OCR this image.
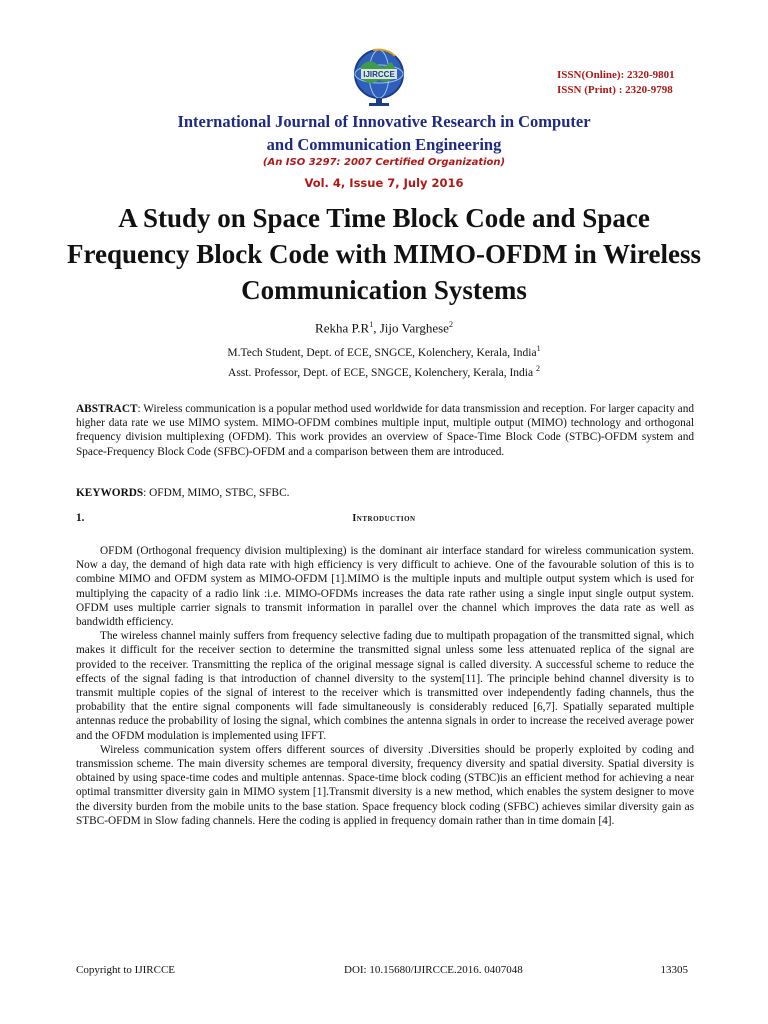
IJIRCCE	ISSN(Online): 2320-9801
ISSN (Print) : 2320-9798
International Journal of Innovative Research in Computer
and Communication Engineering
(An ISO 3297: 2007 Certified Organization)
Vol. 4, Issue 7, July 2016
A Study on Space Time Block Code and Space Frequency Block Code with MIMO-OFDM in Wireless Communication Systems
Rekha $P.R^1$, Jijo Varghese$^2$
M.Tech Student, Dept. of ECE, SNGCE, Kolenchery, Kerala, India$^1$
Asst. Professor, Dept. of ECE, SNGCE, Kolenchery, Kerala, India $^2$
ABSTRACT: Wireless communication is a popular method used worldwide for data transmission and reception. For larger capacity and higher data rate we use MIMO system. MIMO-OFDM combines multiple input, multiple output (MIMO) technology and orthogonal frequency division multiplexing (OFDM). This work provides an overview of Space-Time Block Code (STBC)-OFDM system and Space-Frequency Block Code (SFBC)-OFDM and a comparison between them are introduced.
KEYWORDS: OFDM, MIMO, STBC, SFBC.
1.	Introduction

OFDM (Orthogonal frequency division multiplexing) is the dominant air interface standard for wireless communication system. Now a day, the demand of high data rate with high efficiency is very difficult to achieve. One of the favourable solution of this is to combine MIMO and OFDM system as MIMO-OFDM [1].MIMO is the multiple inputs and multiple output system which is used for multiplying the capacity of a radio link :i.e. MIMO-OFDMs increases the data rate rather using a single input single output system. OFDM uses multiple carrier signals to transmit information in parallel over the channel which improves the data rate as well as bandwidth efficiency.

The wireless channel mainly suffers from frequency selective fading due to multipath propagation of the transmitted signal, which makes it difficult for the receiver section to determine the transmitted signal unless some less attenuated replica of the signal are provided to the receiver. Transmitting the replica of the original message signal is called diversity. A successful scheme to reduce the effects of the signal fading is that introduction of channel diversity to the system[11]. The principle behind channel diversity is to transmit multiple copies of the signal of interest to the receiver which is transmitted over independently fading channels, thus the probability that the entire signal components will fade simultaneously is considerably reduced [6,7]. Spatially separated multiple antennas reduce the probability of losing the signal, which combines the antenna signals in order to increase the received average power and the OFDM modulation is implemented using IFFT.

Wireless communication system offers different sources of diversity .Diversities should be properly exploited by coding and transmission scheme. The main diversity schemes are temporal diversity, frequency diversity and spatial diversity. Spatial diversity is obtained by using space-time codes and multiple antennas. Space-time block coding (STBC)is an efficient method for achieving a near optimal transmitter diversity gain in MIMO system [1].Transmit diversity is a new method, which enables the system designer to move the diversity burden from the mobile units to the base station. Space frequency block coding (SFBC) achieves similar diversity gain as STBC-OFDM in Slow fading channels. Here the coding is applied in frequency domain rather than in time domain [4].

Copyright to IJIRCCE	DOI: 10.15680/IJIRCCE.2016. 0407048	13305
